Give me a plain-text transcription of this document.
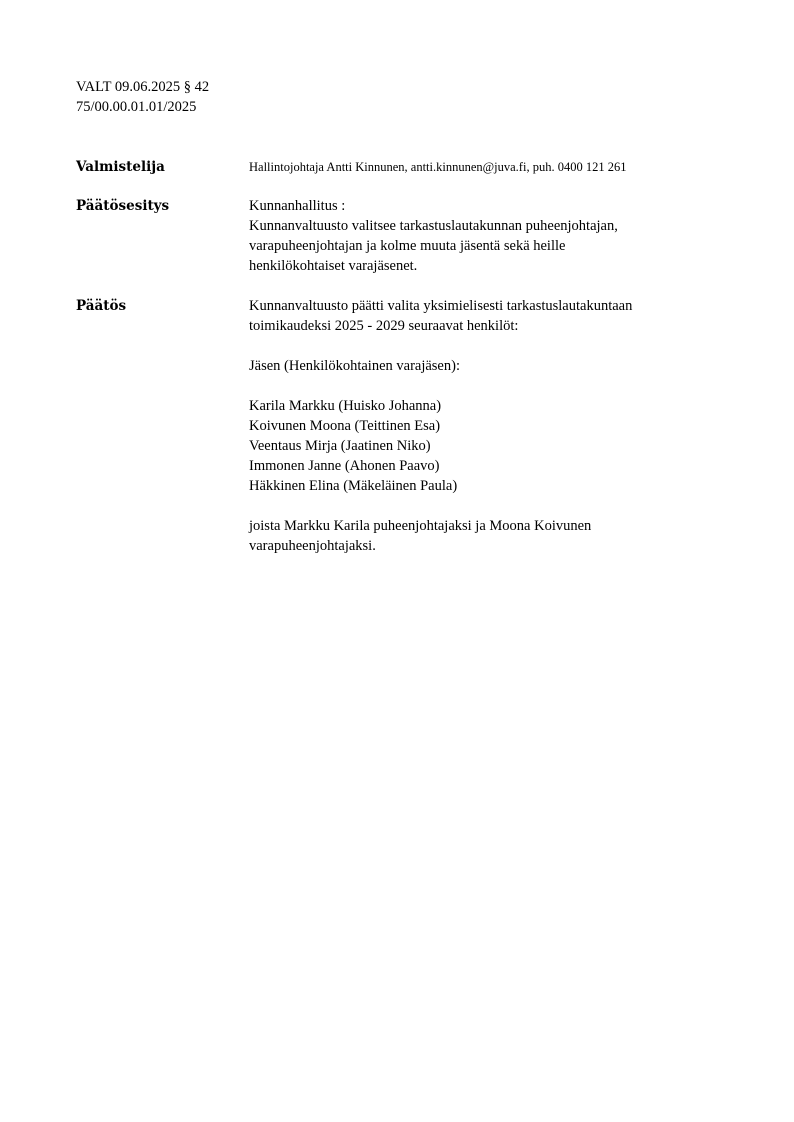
VALT 09.06.2025 § 42
75/00.00.01.01/2025
Valmistelija	Hallintojohtaja Antti Kinnunen, antti.kinnunen@juva.fi, puh. 0400 121 261
Päätösesitys	Kunnanhallitus :
Kunnanvaltuusto valitsee tarkastuslautakunnan puheenjohtajan,
varapuheenjohtajan ja kolme muuta jäsentä sekä heille
henkilökohtaiset varajäsenet.
Päätös	Kunnanvaltuusto päätti valita yksimielisesti tarkastuslautakuntaan
toimikaudeksi 2025 - 2029 seuraavat henkilöt:
Jäsen (Henkilökohtainen varajäsen):
Karila Markku (Huisko Johanna)
Koivunen Moona (Teittinen Esa)
Veentaus Mirja (Jaatinen Niko)
Immonen Janne (Ahonen Paavo)
Häkkinen Elina (Mäkeläinen Paula)
joista Markku Karila puheenjohtajaksi ja Moona Koivunen
varapuheenjohtajaksi.
